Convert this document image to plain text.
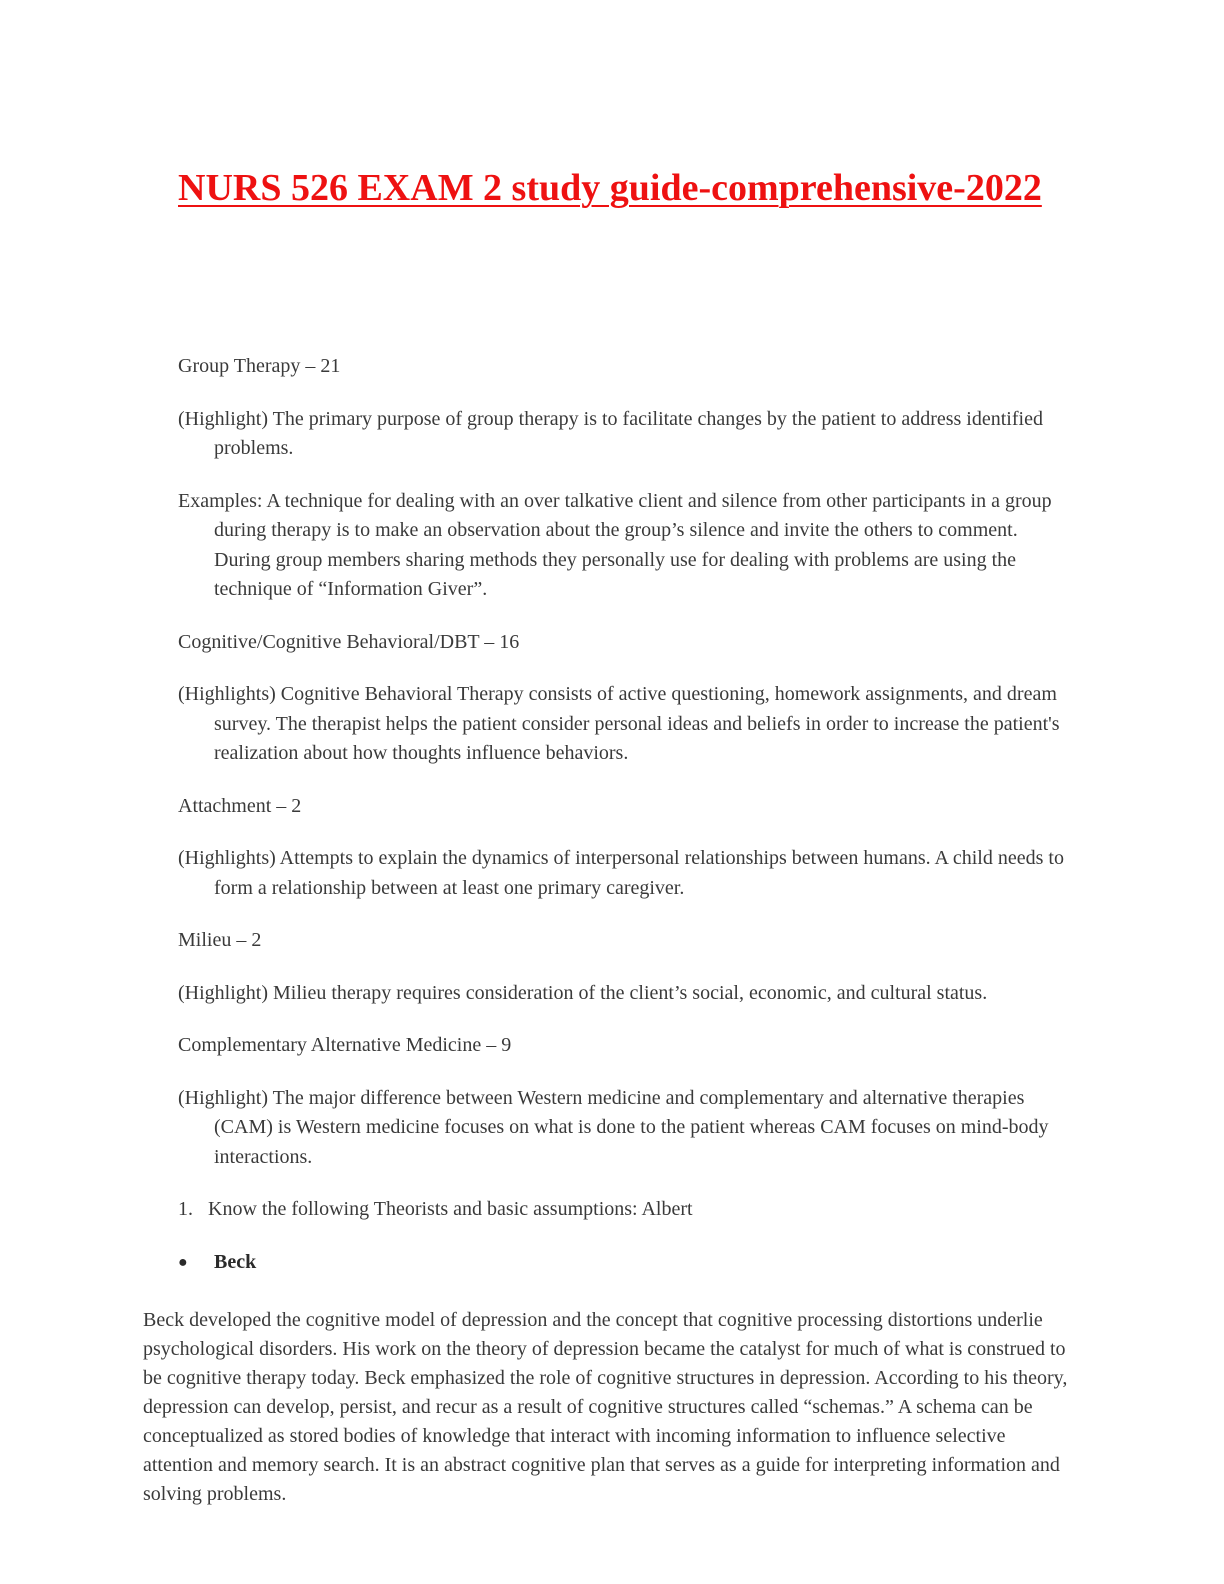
NURS 526 EXAM 2 study guide-comprehensive-2022

Group Therapy – 21

(Highlight) The primary purpose of group therapy is to facilitate changes by the patient to address identified problems.

Examples: A technique for dealing with an over talkative client and silence from other participants in a group during therapy is to make an observation about the group’s silence and invite the others to comment. During group members sharing methods they personally use for dealing with problems are using the technique of “Information Giver”.

Cognitive/Cognitive Behavioral/DBT – 16

(Highlights) Cognitive Behavioral Therapy consists of active questioning, homework assignments, and dream survey. The therapist helps the patient consider personal ideas and beliefs in order to increase the patient's realization about how thoughts influence behaviors.

Attachment – 2

(Highlights) Attempts to explain the dynamics of interpersonal relationships between humans. A child needs to form a relationship between at least one primary caregiver.

Milieu – 2

(Highlight) Milieu therapy requires consideration of the client’s social, economic, and cultural status.

Complementary Alternative Medicine – 9

(Highlight) The major difference between Western medicine and complementary and alternative therapies (CAM) is Western medicine focuses on what is done to the patient whereas CAM focuses on mind-body interactions.

1. Know the following Theorists and basic assumptions: Albert
●	Beck

Beck developed the cognitive model of depression and the concept that cognitive processing distortions underlie psychological disorders. His work on the theory of depression became the catalyst for much of what is construed to be cognitive therapy today. Beck emphasized the role of cognitive structures in depression. According to his theory, depression can develop, persist, and recur as a result of cognitive structures called “schemas.” A schema can be conceptualized as stored bodies of knowledge that interact with incoming information to influence selective attention and memory search. It is an abstract cognitive plan that serves as a guide for interpreting information and solving problems.
